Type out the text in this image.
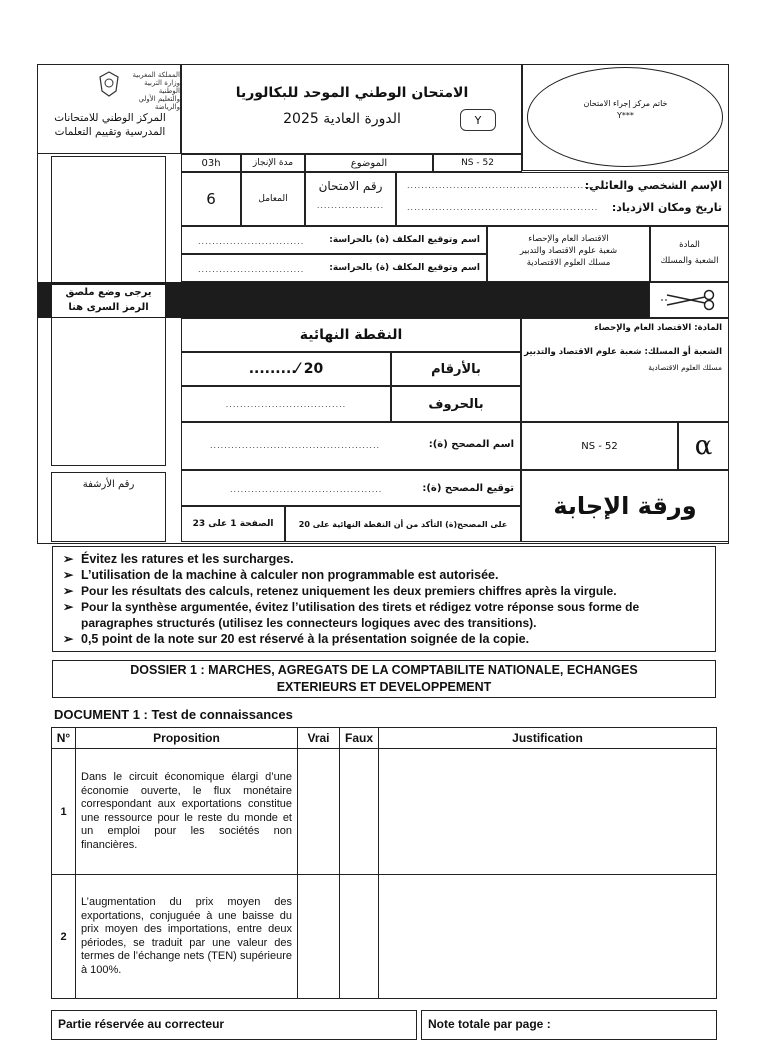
المملكة المغربية
وزارة التربية الوطنية
والتعليم الأولي والرياضة
المركز الوطني للامتحانات
المدرسية وتقييم التعلمات
الامتحان الوطني الموحد للبكالوريا
الدورة العادية 2025	Y
خاتم مركز إجراء الامتحان
Y***
03h	مدة الإنجاز	الموضوع	NS - 52
6	المعامل
رقم الامتحان
...................
الإسم الشخصي والعائلي:
......................................................
تاريخ ومكان الازدياد:
......................................................
اسم وتوقيع المكلف (ة) بالحراسة:
..............................
اسم وتوقيع المكلف (ة) بالحراسة:
..............................
الاقتصاد العام والإحصاء
شعبة علوم الاقتصاد والتدبير
مسلك العلوم الاقتصادية
المادة
الشعبة والمسلك
يرجى وضع ملصق
الرمز السرى هنا
النقطة النهائية
.........⁄ 20	بالأرقام
..................................	بالحروف
المادة: الاقتصاد العام والإحصاء
الشعبة أو المسلك: شعبة علوم الاقتصاد والتدبير
مسلك العلوم الاقتصادية
اسم المصحح (ة):
................................................	NS - 52	α
رقم الأرشفة	توقيع المصحح (ة):
...........................................
ورقة الإجابة
الصفحة 1 على 23	على المصحح(ة) التأكد من أن النقطة النهائية على 20
➢ Évitez les ratures et les surcharges.
➢ L’utilisation de la machine à calculer non programmable est autorisée.
➢ Pour les résultats des calculs, retenez uniquement les deux premiers chiffres après la virgule.
➢ Pour la synthèse argumentée, évitez l’utilisation des tirets et rédigez votre réponse sous forme de paragraphes structurés (utilisez les connecteurs logiques avec des transitions).
➢ 0,5 point de la note sur 20 est réservé à la présentation soignée de la copie.
DOSSIER 1 : MARCHES, AGREGATS DE LA COMPTABILITE NATIONALE, ECHANGES
EXTERIEURS ET DEVELOPPEMENT
DOCUMENT 1 : Test de connaissances
N°	Proposition	Vrai	Faux	Justification
1	Dans le circuit économique élargi d’une économie ouverte, le flux monétaire correspondant aux exportations constitue une ressource pour le reste du monde et un emploi pour les sociétés non financières.			
2	L’augmentation du prix moyen des exportations, conjuguée à une baisse du prix moyen des importations, entre deux périodes, se traduit par une valeur des termes de l’échange nets (TEN) supérieure à 100%.			
Partie réservée au correcteur	Note totale par page :
